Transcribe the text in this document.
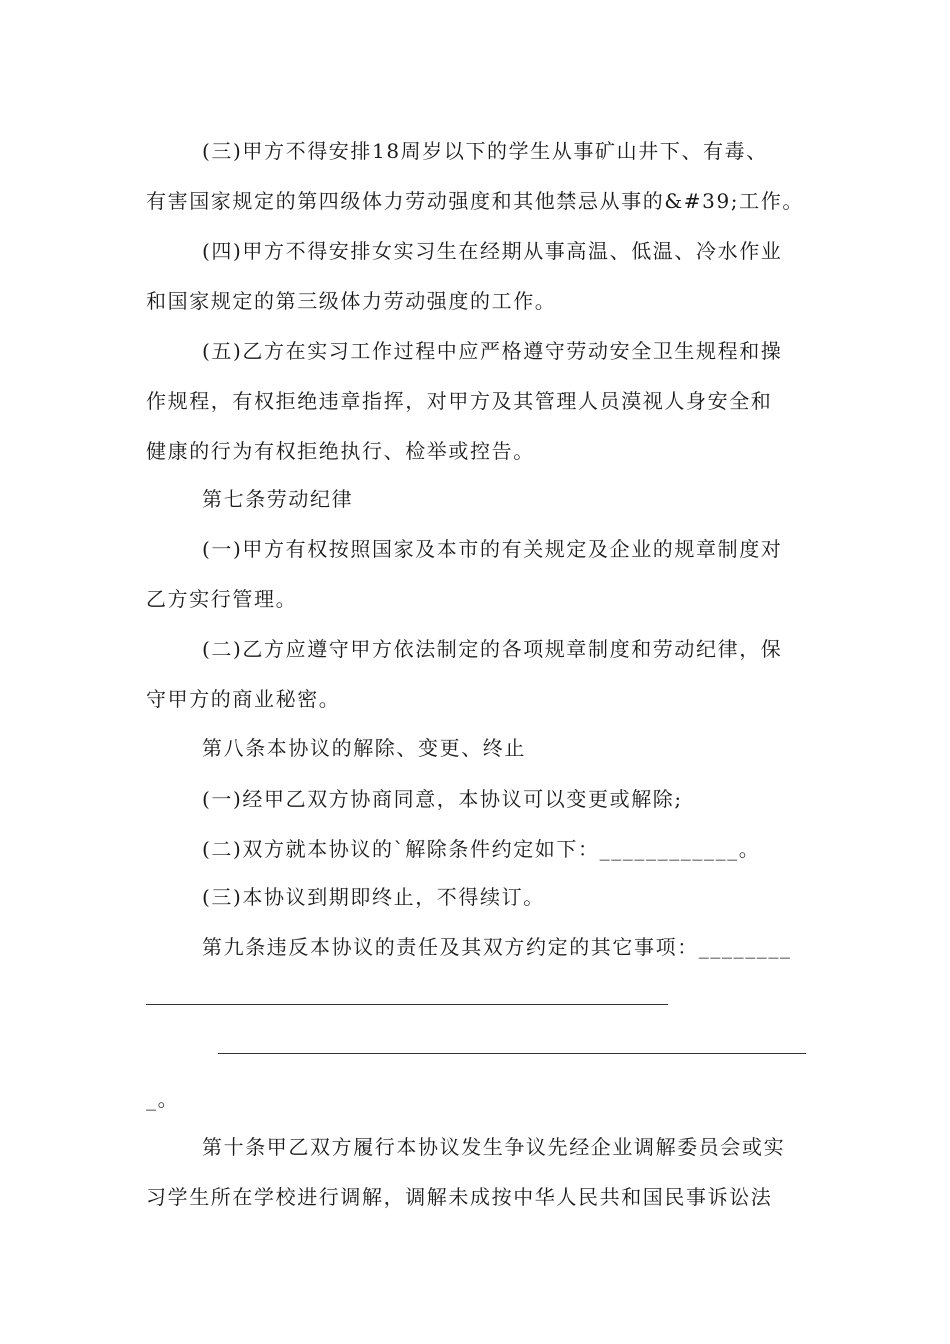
(三)甲方不得安排18周岁以下的学生从事矿山井下、有毒、
有害国家规定的第四级体力劳动强度和其他禁忌从事的&#39;工作。
(四)甲方不得安排女实习生在经期从事高温、低温、冷水作业
和国家规定的第三级体力劳动强度的工作。
(五)乙方在实习工作过程中应严格遵守劳动安全卫生规程和操
作规程，有权拒绝违章指挥，对甲方及其管理人员漠视人身安全和
健康的行为有权拒绝执行、检举或控告。
第七条劳动纪律
(一)甲方有权按照国家及本市的有关规定及企业的规章制度对
乙方实行管理。
(二)乙方应遵守甲方依法制定的各项规章制度和劳动纪律，保
守甲方的商业秘密。
第八条本协议的解除、变更、终止
(一)经甲乙双方协商同意，本协议可以变更或解除;
(二)双方就本协议的`解除条件约定如下：____________。
(三)本协议到期即终止，不得续订。
第九条违反本协议的责任及其双方约定的其它事项：________
_。
第十条甲乙双方履行本协议发生争议先经企业调解委员会或实
习学生所在学校进行调解，调解未成按中华人民共和国民事诉讼法
